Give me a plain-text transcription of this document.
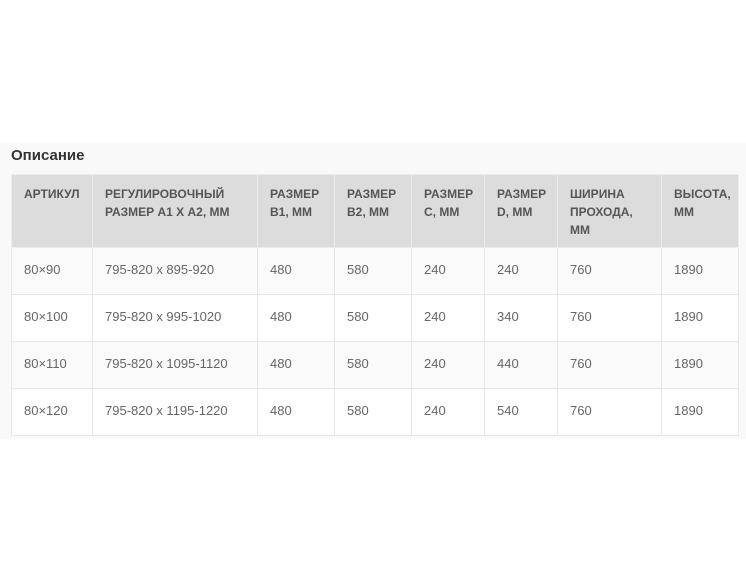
Описание
АРТИКУЛ	РЕГУЛИРОВОЧНЫЙ РАЗМЕР А1 Х А2, ММ	РАЗМЕР В1, ММ	РАЗМЕР В2, ММ	РАЗМЕР С, ММ	РАЗМЕР D, ММ	ШИРИНА ПРОХОДА, ММ	ВЫСОТА, ММ
80×90	795-820 x 895-920	480	580	240	240	760	1890
80×100	795-820 x 995-1020	480	580	240	340	760	1890
80×110	795-820 x 1095-1120	480	580	240	440	760	1890
80×120	795-820 x 1195-1220	480	580	240	540	760	1890
